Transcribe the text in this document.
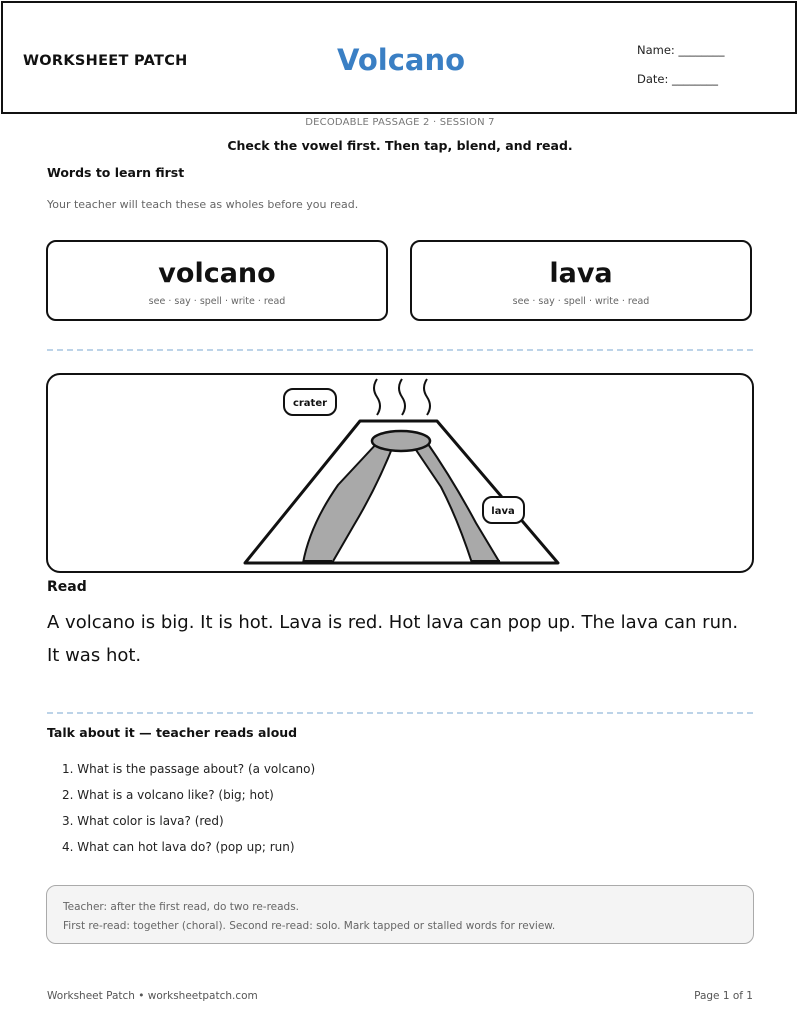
WORKSHEET PATCH	Volcano	Name: ________
Date: ________
DECODABLE PASSAGE 2 · SESSION 7
Check the vowel first. Then tap, blend, and read.
Words to learn first
Your teacher will teach these as wholes before you read.
volcano
see · say · spell · write · read
lava
see · say · spell · write · read
crater
lava
Read
A volcano is big. It is hot. Lava is red. Hot lava can pop up. The lava can run. It was hot.
Talk about it — teacher reads aloud
1. What is the passage about? (a volcano)
2. What is a volcano like? (big; hot)
3. What color is lava? (red)
4. What can hot lava do? (pop up; run)
Teacher: after the first read, do two re-reads.
First re-read: together (choral). Second re-read: solo. Mark tapped or stalled words for review.
Worksheet Patch • worksheetpatch.com	Page 1 of 1
